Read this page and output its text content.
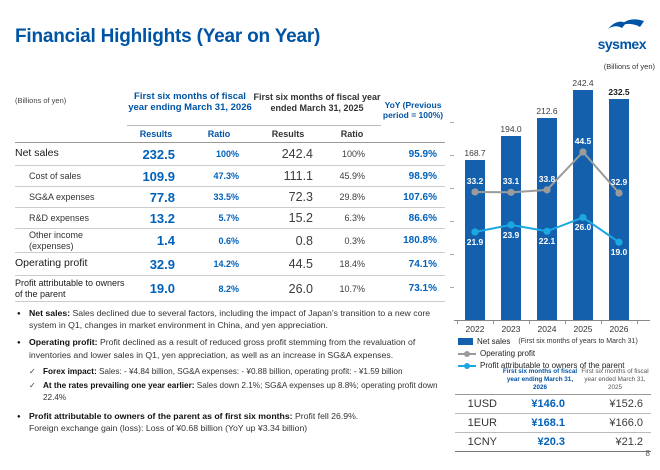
Financial Highlights (Year on Year)	sysmex
(Billions of yen)	First six months of fiscal year ending March 31, 2026
First six months of fiscal year ended March 31, 2025	YoY (Previous period = 100%)
Results	Ratio	Results	Ratio
Net sales	232.5	100%	242.4	100%	95.9%
Cost of sales	109.9	47.3%	111.1	45.9%	98.9%
SG&A expenses	77.8	33.5%	72.3	29.8%	107.6%
R&D expenses	13.2	5.7%	15.2	6.3%	86.6%
Other income (expenses)	1.4	0.6%	0.8	0.3%	180.8%
Operating profit	32.9	14.2%	44.5	18.4%	74.1%
Profit attributable to owners of the parent	19.0	8.2%	26.0	10.7%	73.1%
● Net sales: Sales declined due to several factors, including the impact of Japan’s transition to a new core system in Q1, changes in market environment in China, and yen appreciation.
● Operating profit: Profit declined as a result of reduced gross profit stemming from the revaluation of inventories and lower sales in Q1, yen appreciation, as well as an increase in SG&A expenses.
✓ Forex impact: Sales: - ¥4.84 billion, SG&A expenses: - ¥0.88 billion, operating profit: - ¥1.59 billion
✓ At the rates prevailing one year earlier: Sales down 2.1%; SG&A expenses up 8.8%; operating profit down 22.4%
● Profit attributable to owners of the parent as of first six months: Profit fell 26.9%.
Foreign exchange gain (loss): Loss of ¥0.68 billion (YoY up ¥3.34 billion)
(Billions of yen)
168.7
194.0
212.6
242.4
232.5
2022	2023	2024	2025	2026
33.2	33.1	33.8
44.5
32.9
21.9
23.9
22.1
26.0
19.0
Net sales (First six months of years to March 31)
Operating profit
Profit attributable to owners of the parent
First six months of fiscal year ending March 31, 2026
First six months of fiscal year ended March 31, 2025
1USD	¥146.0	¥152.6
1EUR	¥168.1	¥166.0
1CNY	¥20.3	¥21.2
8
